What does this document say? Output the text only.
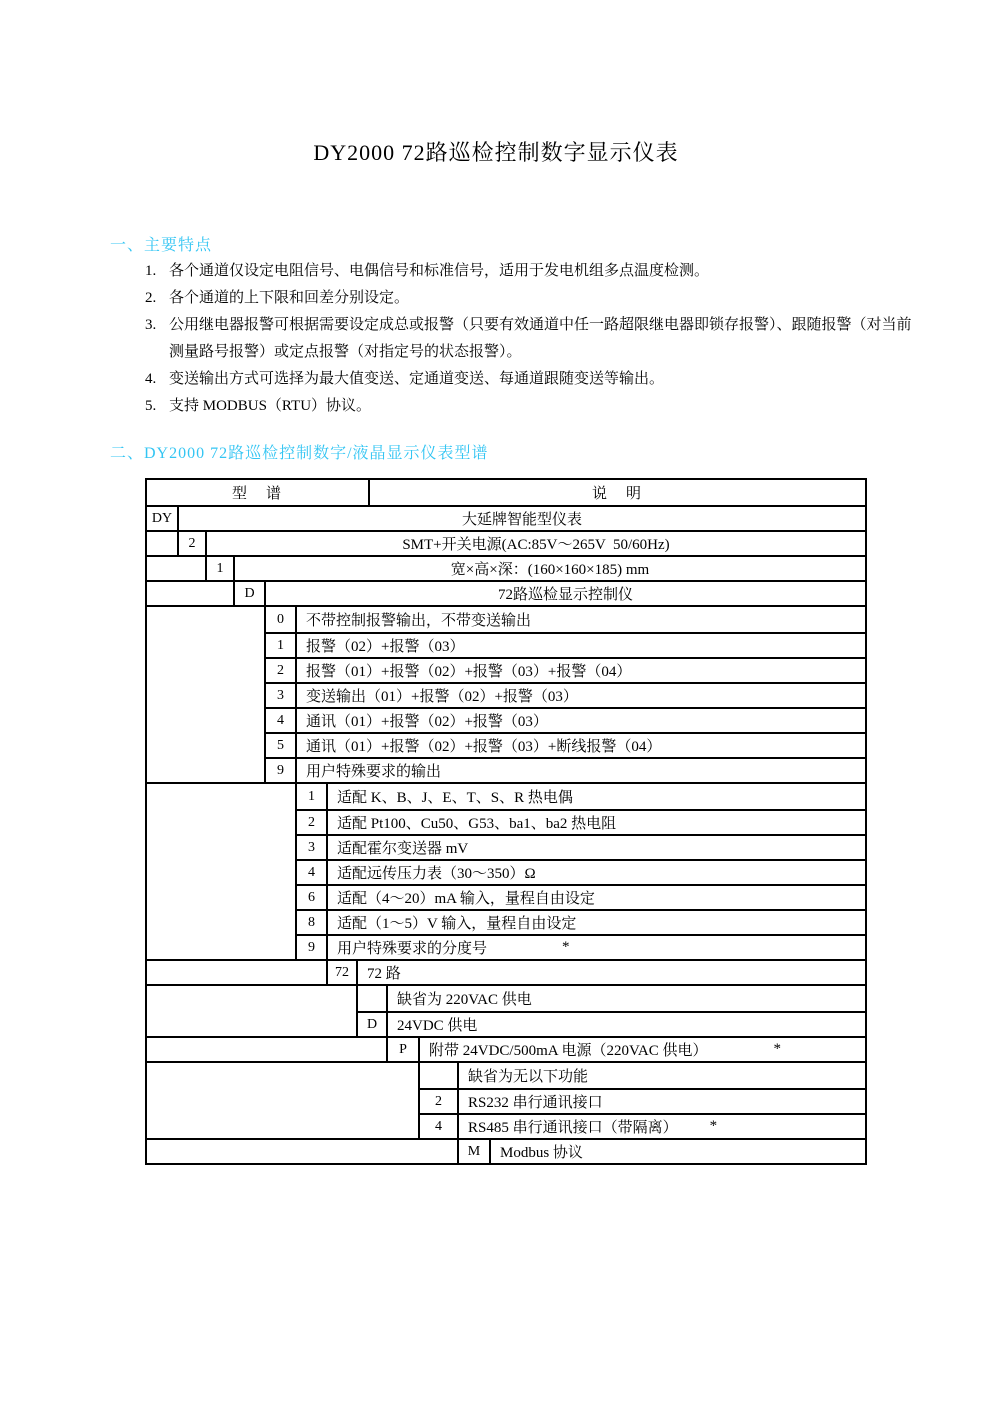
DY2000 72路巡检控制数字显示仪表
一、主要特点
1. 各个通道仅设定电阻信号、电偶信号和标准信号，适用于发电机组多点温度检测。
2. 各个通道的上下限和回差分别设定。
3. 公用继电器报警可根据需要设定成总或报警（只要有效通道中任一路超限继电器即锁存报警）、跟随报警（对当前
测量路号报警）或定点报警（对指定号的状态报警）。
4. 变送输出方式可选择为最大值变送、定通道变送、每通道跟随变送等输出。
5. 支持 MODBUS（RTU）协议。
二、DY2000 72路巡检控制数字/液晶显示仪表型谱
型　谱	说　明
DY	大延牌智能型仪表
2	SMT+开关电源(AC:85V～265V  50/60Hz)
1	宽×高×深：(160×160×185) mm
D	72路巡检显示控制仪
0	不带控制报警输出，不带变送输出
1	报警（02）+报警（03）
2	报警（01）+报警（02）+报警（03）+报警（04）
3	变送输出（01）+报警（02）+报警（03）
4	通讯（01）+报警（02）+报警（03）
5	通讯（01）+报警（02）+报警（03）+断线报警（04）
9	用户特殊要求的输出
1	适配 K、B、J、E、T、S、R 热电偶
2	适配 Pt100、Cu50、G53、ba1、ba2 热电阻
3	适配霍尔变送器 mV
4	适配远传压力表（30～350）Ω
6	适配（4～20）mA 输入，量程自由设定
8	适配（1～5）V 输入，量程自由设定
9	用户特殊要求的分度号	*
72	72 路
缺省为 220VAC 供电
D	24VDC 供电
P	附带 24VDC/500mA 电源（220VAC 供电）	*
缺省为无以下功能
2	RS232 串行通讯接口
4	RS485 串行通讯接口（带隔离） *
M	Modbus 协议
